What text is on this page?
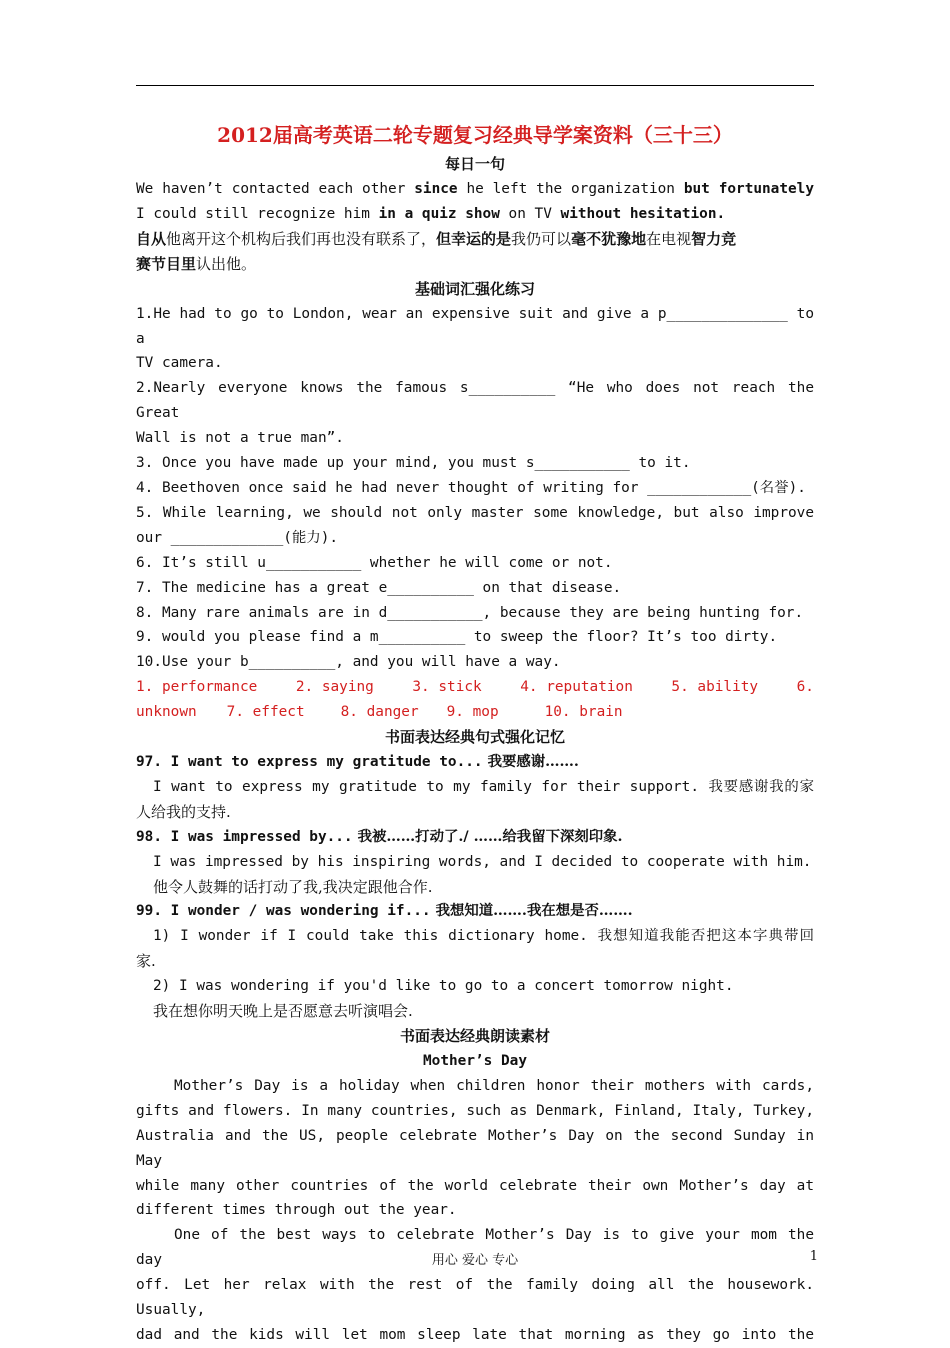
2012届高考英语二轮专题复习经典导学案资料（三十三）
每日一句
We haven’t contacted each other since he left the organization but fortunately
I could still recognize him in a quiz show on TV without hesitation.
自从他离开这个机构后我们再也没有联系了，但幸运的是我仍可以毫不犹豫地在电视智力竞
赛节目里认出他。
基础词汇强化练习
1.He had to go to London, wear an expensive suit and give a p______________ to a
TV camera.
2.Nearly everyone knows the famous s__________ “He who does not reach the Great
Wall is not a true man”.
3. Once you have made up your mind, you must s___________ to it.
4. Beethoven once said he had never thought of writing for ____________(名誉).
5. While learning, we should not only master some knowledge, but also improve
our _____________(能力).
6. It’s still u___________ whether he will come or not.
7. The medicine has a great e__________ on that disease.
8. Many rare animals are in d___________, because they are being hunting for.
9. would you please find a m__________ to sweep the floor? It’s too dirty.
10.Use your b__________, and you will have a way.
1. performance	2. saying	3. stick	4. reputation	5. ability	6.
unknown 7. effect	8. danger 9. mop	10. brain
书面表达经典句式强化记忆
97. I want to express my gratitude to... 我要感谢…….
I want to express my gratitude to my family for their support. 我要感谢我的家
人给我的支持.
98. I was impressed by... 我被……打动了./ ……给我留下深刻印象.
I was impressed by his inspiring words, and I decided to cooperate with him.
他令人鼓舞的话打动了我,我决定跟他合作.
99. I wonder / was wondering if... 我想知道…….我在想是否…….
1) I wonder if I could take this dictionary home. 我想知道我能否把这本字典带回
家.
2) I was wondering if you'd like to go to a concert tomorrow night.
我在想你明天晚上是否愿意去听演唱会.
书面表达经典朗读素材
Mother’s Day
Mother’s Day is a holiday when children honor their mothers with cards,
gifts and flowers. In many countries, such as Denmark, Finland, Italy, Turkey,
Australia and the US, people celebrate Mother’s Day on the second Sunday in May
while many other countries of the world celebrate their own Mother’s day at
different times through out the year.
One of the best ways to celebrate Mother’s Day is to give your mom the day
off. Let her relax with the rest of the family doing all the housework. Usually,
dad and the kids will let mom sleep late that morning as they go into the
用心 爱心 专心	1
